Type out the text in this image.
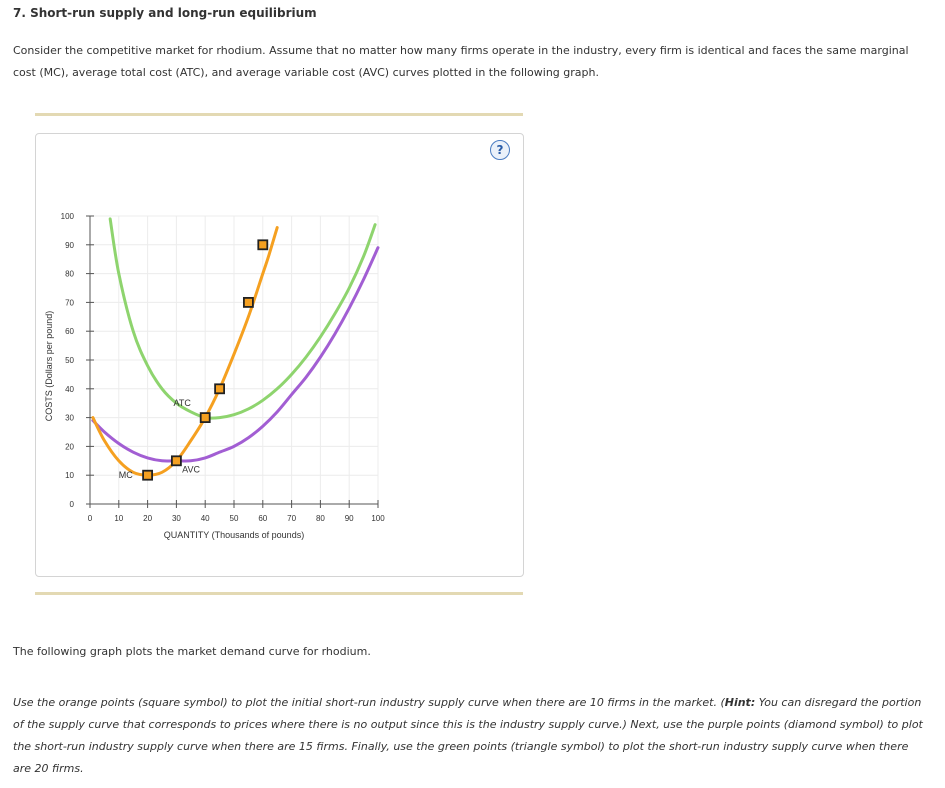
7. Short-run supply and long-run equilibrium
Consider the competitive market for rhodium. Assume that no matter how many firms operate in the industry, every firm is identical and faces the same marginal cost (MC), average total cost (ATC), and average variable cost (AVC) curves plotted in the following graph.
?
0	10 20 30 40 50 60 70 80 90 100
0
10
20
30
40
50
60
70
80
90
100
MC
ATC
AVC
QUANTITY (Thousands of pounds)
COSTS (Dollars per pound)
The following graph plots the market demand curve for rhodium.
Use the orange points (square symbol) to plot the initial short-run industry supply curve when there are 10 firms in the market. (Hint: You can disregard the portion of the supply curve that corresponds to prices where there is no output since this is the industry supply curve.) Next, use the purple points (diamond symbol) to plot the short-run industry supply curve when there are 15 firms. Finally, use the green points (triangle symbol) to plot the short-run industry supply curve when there are 20 firms.
